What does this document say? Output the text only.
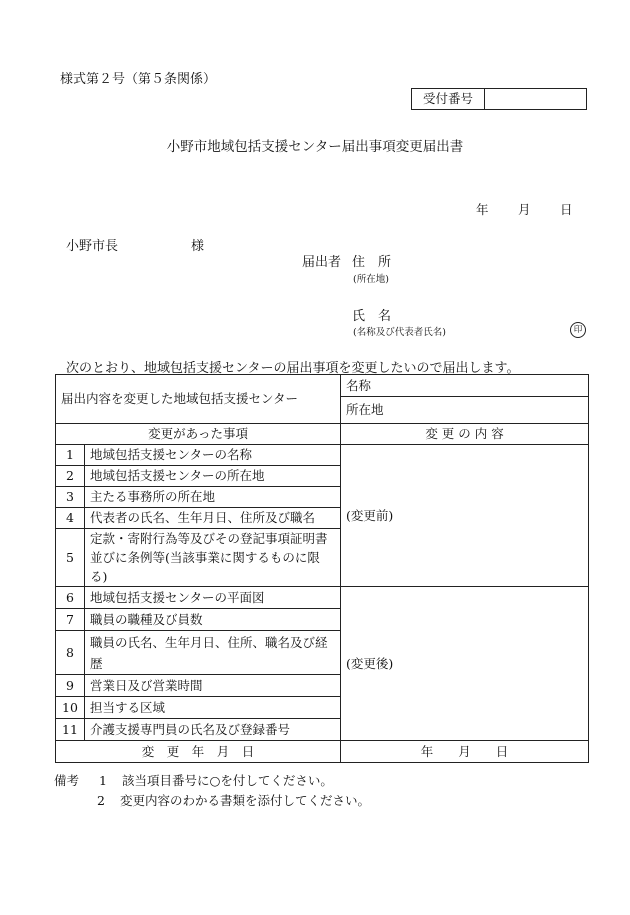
様式第２号（第５条関係）
受付番号
小野市地域包括支援センター届出事項変更届出書
年 月 日
小野市長	様
届出者 住　所
(所在地)
氏　名
(名称及び代表者氏名)	印
次のとおり、地域包括支援センターの届出事項を変更したいので届出します。
届出内容を変更した地域包括支援センター		名称
		所在地
変更があった事項		変 更 の 内 容
1	地域包括支援センターの名称	(変更前)
2	地域包括支援センターの所在地	
3	主たる事務所の所在地	
4	代表者の氏名、生年月日、住所及び職名	
5	定款・寄附行為等及びその登記事項証明書並びに条例等(当該事業に関するものに限る)	
6	地域包括支援センターの平面図	(変更後)
7	職員の職種及び員数	
8	職員の氏名、生年月日、住所、職名及び経歴	
9	営業日及び営業時間	
10	担当する区域	
11	介護支援専門員の氏名及び登録番号	
変　更　年　月　日		年　　月　　日
備考 1 該当項目番号に○を付してください。
2 変更内容のわかる書類を添付してください。
